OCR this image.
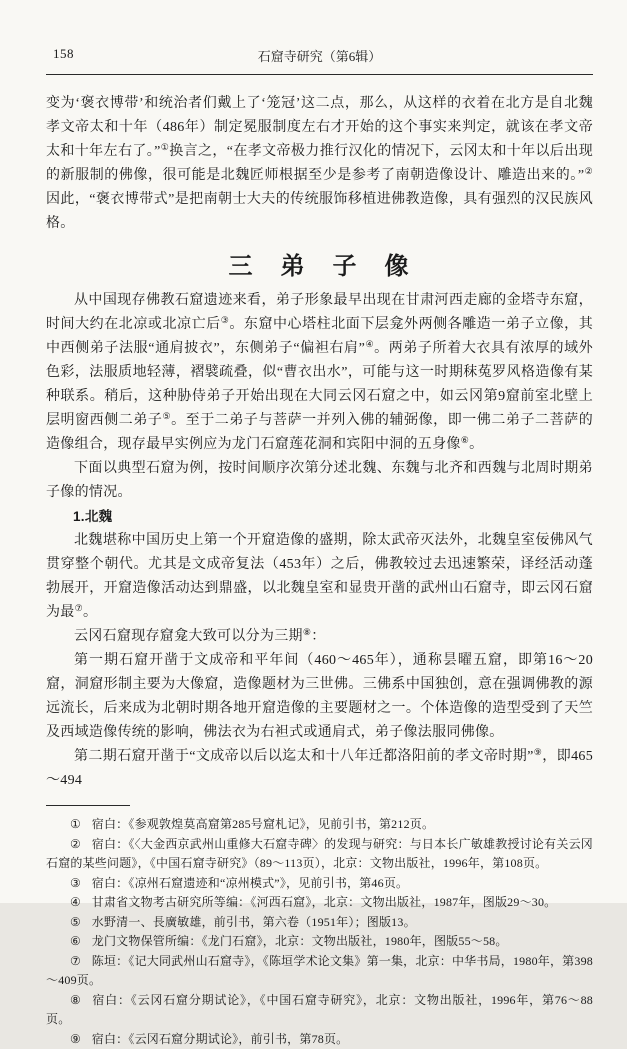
158	石窟寺研究（第6辑）

变为‘褒衣博带’和统治者们戴上了‘笼冠’这二点，那么，从这样的衣着在北方是自北魏孝文帝太和十年（486年）制定冕服制度左右才开始的这个事实来判定，就该在孝文帝太和十年左右了。”①换言之，“在孝文帝极力推行汉化的情况下，云冈太和十年以后出现的新服制的佛像，很可能是北魏匠师根据至少是参考了南朝造像设计、雕造出来的。”②因此，“褒衣博带式”是把南朝士大夫的传统服饰移植进佛教造像，具有强烈的汉民族风格。

三　弟　子　像

从中国现存佛教石窟遗迹来看，弟子形象最早出现在甘肃河西走廊的金塔寺东窟，时间大约在北凉或北凉亡后③。东窟中心塔柱北面下层龛外两侧各雕造一弟子立像，其中西侧弟子法服“通肩披衣”，东侧弟子“偏袒右肩”④。两弟子所着大衣具有浓厚的域外色彩，法服质地轻薄，褶襞疏叠，似“曹衣出水”，可能与这一时期秣菟罗风格造像有某种联系。稍后，这种胁侍弟子开始出现在大同云冈石窟之中，如云冈第9窟前室北壁上层明窗西侧二弟子⑤。至于二弟子与菩萨一并列入佛的辅弼像，即一佛二弟子二菩萨的造像组合，现存最早实例应为龙门石窟莲花洞和宾阳中洞的五身像⑥。

下面以典型石窟为例，按时间顺序次第分述北魏、东魏与北齐和西魏与北周时期弟子像的情况。

1.北魏

北魏堪称中国历史上第一个开窟造像的盛期，除太武帝灭法外，北魏皇室佞佛风气贯穿整个朝代。尤其是文成帝复法（453年）之后，佛教较过去迅速繁荣，译经活动蓬勃展开，开窟造像活动达到鼎盛，以北魏皇室和显贵开凿的武州山石窟寺，即云冈石窟为最⑦。

云冈石窟现存窟龛大致可以分为三期⑧：

第一期石窟开凿于文成帝和平年间（460～465年），通称昙曜五窟，即第16～20窟，洞窟形制主要为大像窟，造像题材为三世佛。三佛系中国独创，意在强调佛教的源远流长，后来成为北朝时期各地开窟造像的主要题材之一。个体造像的造型受到了天竺及西域造像传统的影响，佛法衣为右袒式或通肩式，弟子像法服同佛像。

第二期石窟开凿于“文成帝以后以迄太和十八年迁都洛阳前的孝文帝时期”⑨，即465～494

① 宿白：《参观敦煌莫高窟第285号窟札记》，见前引书，第212页。

② 宿白：《〈大金西京武州山重修大石窟寺碑〉的发现与研究：与日本长广敏雄教授讨论有关云冈石窟的某些问题》，《中国石窟寺研究》（89～113页），北京：文物出版社，1996年，第108页。

③ 宿白：《凉州石窟遗迹和“凉州模式”》，见前引书，第46页。

④ 甘肃省文物考古研究所等编：《河西石窟》，北京：文物出版社，1987年，图版29～30。

⑤ 水野清一、長廣敏雄，前引书，第六卷（1951年）；图版13。

⑥ 龙门文物保管所编：《龙门石窟》，北京：文物出版社，1980年，图版55～58。

⑦ 陈垣：《记大同武州山石窟寺》，《陈垣学术论文集》第一集，北京：中华书局，1980年，第398～409页。

⑧ 宿白：《云冈石窟分期试论》，《中国石窟寺研究》，北京：文物出版社，1996年，第76～88页。

⑨ 宿白：《云冈石窟分期试论》，前引书，第78页。
